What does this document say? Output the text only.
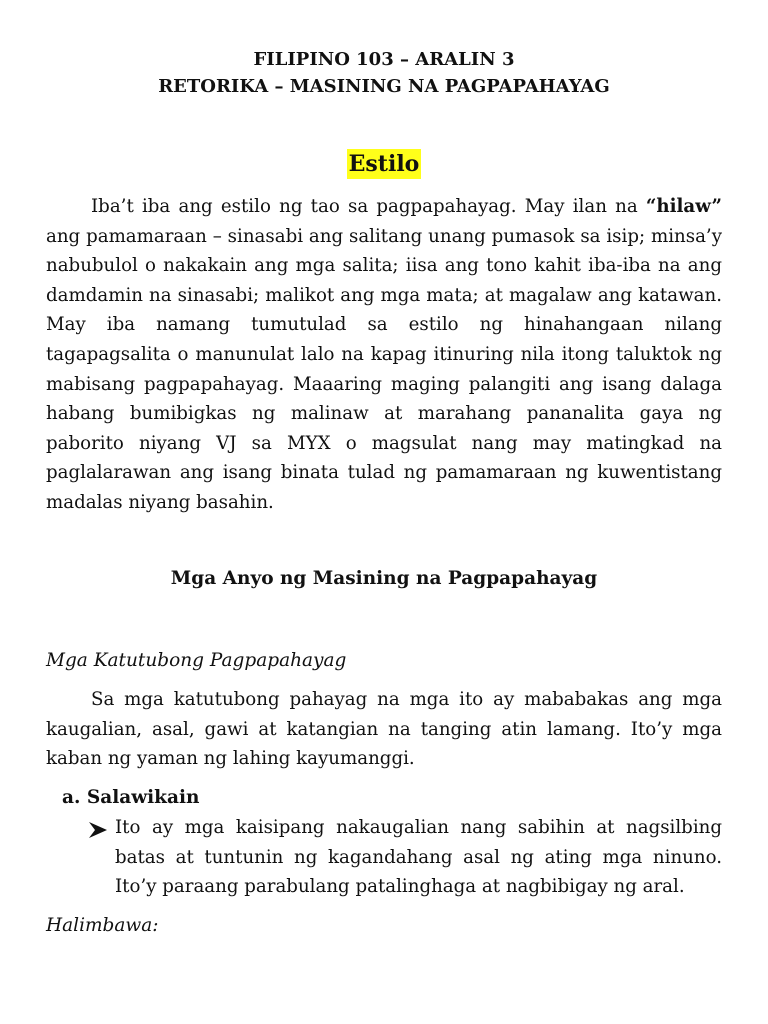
FILIPINO 103 – ARALIN 3
RETORIKA – MASINING NA PAGPAPAHAYAG
Estilo

Iba’t iba ang estilo ng tao sa pagpapahayag. May ilan na “hilaw” ang pamamaraan – sinasabi ang salitang unang pumasok sa isip; minsa’y nabubulol o nakakain ang mga salita; iisa ang tono kahit iba-iba na ang damdamin na sinasabi; malikot ang mga mata; at magalaw ang katawan. May iba namang tumutulad sa estilo ng hinahangaan nilang tagapagsalita o manunulat lalo na kapag itinuring nila itong taluktok ng mabisang pagpapahayag. Maaaring maging palangiti ang isang dalaga habang bumibigkas ng malinaw at marahang pananalita gaya ng paborito niyang VJ sa MYX o magsulat nang may matingkad na paglalarawan ang isang binata tulad ng pamamaraan ng kuwentistang madalas niyang basahin.

Mga Anyo ng Masining na Pagpapahayag
Mga Katutubong Pagpapahayag

Sa mga katutubong pahayag na mga ito ay mababakas ang mga kaugalian, asal, gawi at katangian na tanging atin lamang. Ito’y mga kaban ng yaman ng lahing kayumanggi.

a. Salawikain

Ito ay mga kaisipang nakaugalian nang sabihin at nagsilbing batas at tuntunin ng kagandahang asal ng ating mga ninuno. Ito’y paraang parabulang patalinghaga at nagbibigay ng aral.

Halimbawa:
